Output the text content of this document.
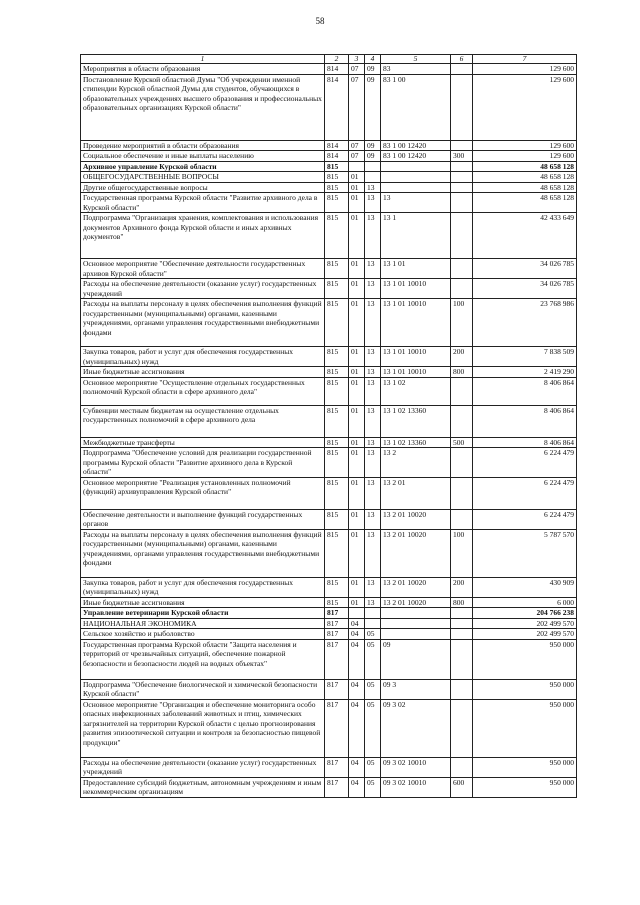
58
1	2	3	4	5	6	7
Мероприятия в области образования	814	07	09	83		129 600
Постановление Курской областной Думы "Об учреждении именной стипендии Курской областной Думы для студентов, обучающихся в образовательных учреждениях высшего образования и профессиональных образовательных организациях Курской области"	814	07	09	83 1 00		129 600
Проведение мероприятий в области образования	814	07	09	83 1 00 12420		129 600
Социальное обеспечение и иные выплаты населению	814	07	09	83 1 00 12420	300	129 600
Архивное управление Курской области	815					48 658 128
ОБЩЕГОСУДАРСТВЕННЫЕ ВОПРОСЫ	815	01				48 658 128
Другие общегосударственные вопросы	815	01	13			48 658 128
Государственная программа Курской области "Развитие архивного дела в Курской области"	815	01	13	13		48 658 128
Подпрограмма "Организация хранения, комплектования и использования документов Архивного фонда Курской области и иных архивных документов"	815	01	13	13 1		42 433 649
Основное мероприятие "Обеспечение деятельности государственных архивов Курской области"	815	01	13	13 1 01		34 026 785
Расходы на обеспечение деятельности (оказание услуг) государственных учреждений	815	01	13	13 1 01 10010		34 026 785
Расходы на выплаты персоналу в целях обеспечения выполнения функций государственными (муниципальными) органами, казенными учреждениями, органами управления государственными внебюджетными фондами	815	01	13	13 1 01 10010	100	23 768 986
Закупка товаров, работ и услуг для обеспечения государственных (муниципальных) нужд	815	01	13	13 1 01 10010	200	7 838 509
Иные бюджетные ассигнования	815	01	13	13 1 01 10010	800	2 419 290
Основное мероприятие "Осуществление отдельных государственных полномочий Курской области в сфере архивного дела"	815	01	13	13 1 02		8 406 864
Субвенции местным бюджетам на осуществление отдельных государственных полномочий в сфере архивного дела	815	01	13	13 1 02 13360		8 406 864
Межбюджетные трансферты	815	01	13	13 1 02 13360	500	8 406 864
Подпрограмма "Обеспечение условий для реализации государственной программы Курской области "Развитие архивного дела в Курской области"	815	01	13	13 2		6 224 479
Основное мероприятие "Реализация установленных полномочий (функций) архивуправления Курской области"	815	01	13	13 2 01		6 224 479
Обеспечение деятельности и выполнение функций государственных органов	815	01	13	13 2 01 10020		6 224 479
Расходы на выплаты персоналу в целях обеспечения выполнения функций государственными (муниципальными) органами, казенными учреждениями, органами управления государственными внебюджетными фондами	815	01	13	13 2 01 10020	100	5 787 570
Закупка товаров, работ и услуг для обеспечения государственных (муниципальных) нужд	815	01	13	13 2 01 10020	200	430 909
Иные бюджетные ассигнования	815	01	13	13 2 01 10020	800	6 000
Управление ветеринарии Курской области	817					204 766 238
НАЦИОНАЛЬНАЯ ЭКОНОМИКА	817	04				202 499 570
Сельское хозяйство и рыболовство	817	04	05			202 499 570
Государственная программа Курской области "Защита населения и территорий от чрезвычайных ситуаций, обеспечение пожарной безопасности и безопасности людей на водных объектах"	817	04	05	09		950 000
Подпрограмма "Обеспечение биологической и химической безопасности Курской области"	817	04	05	09 3		950 000
Основное мероприятие "Организация и обеспечение мониторинга особо опасных инфекционных заболеваний животных и птиц, химических загрязнителей на территории Курской области с целью прогнозирования развития эпизоотической ситуации и контроля за безопасностью пищевой продукции"	817	04	05	09 3 02		950 000
Расходы на обеспечение деятельности (оказание услуг) государственных учреждений	817	04	05	09 3 02 10010		950 000
Предоставление субсидий бюджетным, автономным учреждениям и иным некоммерческим организациям	817	04	05	09 3 02 10010	600	950 000
